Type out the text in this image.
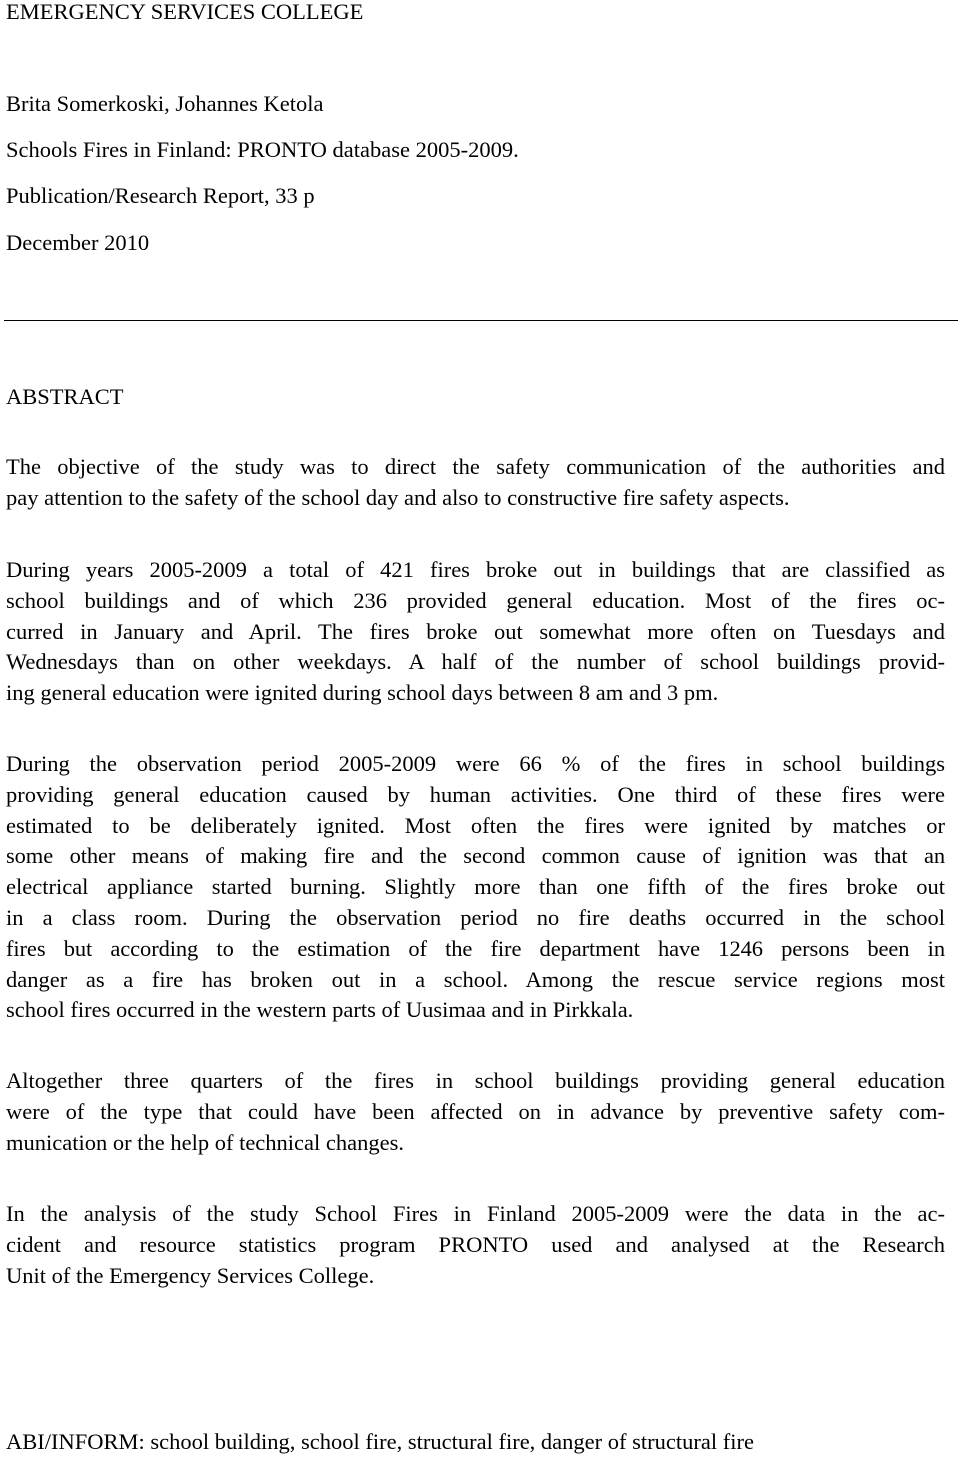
EMERGENCY SERVICES COLLEGE
Brita Somerkoski, Johannes Ketola
Schools Fires in Finland: PRONTO database 2005-2009.
Publication/Research Report, 33 p
December 2010
ABSTRACT
The objective of the study was to direct the safety communication of the authorities and
pay attention to the safety of the school day and also to constructive fire safety aspects.
During years 2005-2009 a total of 421 fires broke out in buildings that are classified as
school buildings and of which 236 provided general education. Most of the fires oc-
curred in January and April. The fires broke out somewhat more often on Tuesdays and
Wednesdays than on other weekdays. A half of the number of school buildings provid-
ing general education were ignited during school days between 8 am and 3 pm.
During the observation period 2005-2009 were 66 % of the fires in school buildings
providing general education caused by human activities. One third of these fires were
estimated to be deliberately ignited. Most often the fires were ignited by matches or
some other means of making fire and the second common cause of ignition was that an
electrical appliance started burning. Slightly more than one fifth of the fires broke out
in a class room. During the observation period no fire deaths occurred in the school
fires but according to the estimation of the fire department have 1246 persons been in
danger as a fire has broken out in a school. Among the rescue service regions most
school fires occurred in the western parts of Uusimaa and in Pirkkala.
Altogether three quarters of the fires in school buildings providing general education
were of the type that could have been affected on in advance by preventive safety com-
munication or the help of technical changes.
In the analysis of the study School Fires in Finland 2005-2009 were the data in the ac-
cident and resource statistics program PRONTO used and analysed at the Research
Unit of the Emergency Services College.
ABI/INFORM: school building, school fire, structural fire, danger of structural fire
